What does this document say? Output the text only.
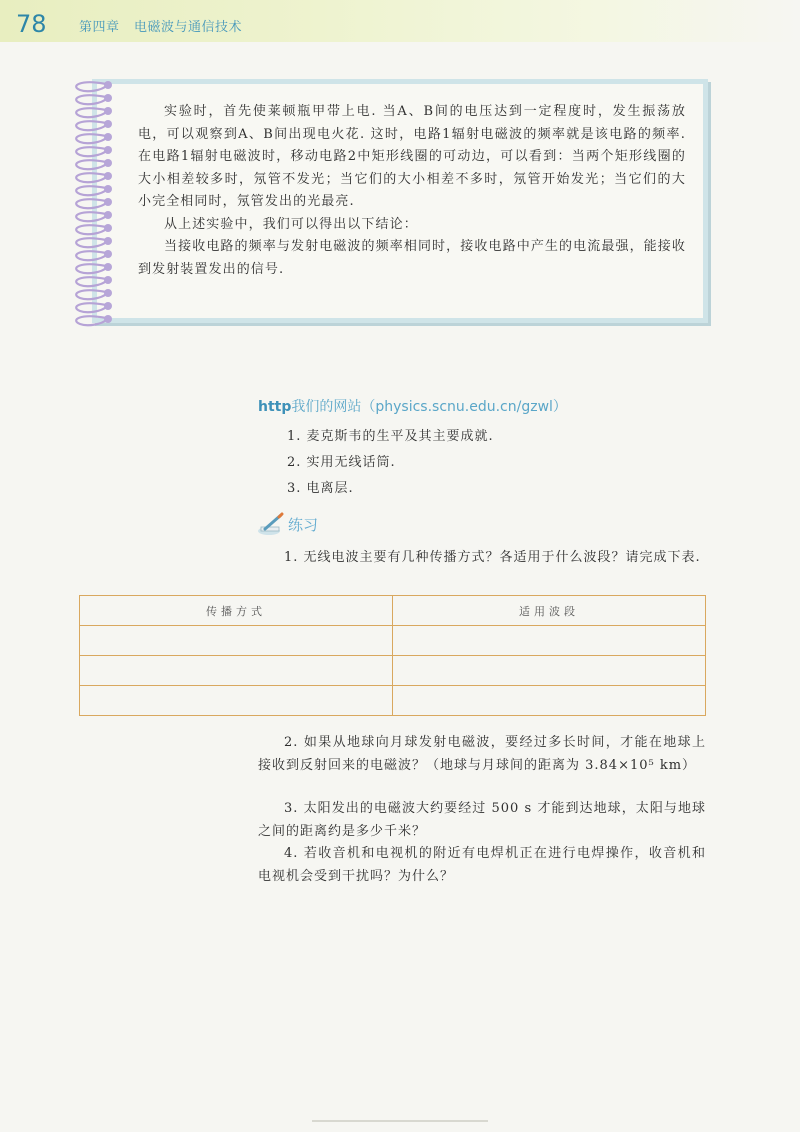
78 第四章 电磁波与通信技术

实验时，首先使莱顿瓶甲带上电. 当A、B间的电压达到一定程度时，发生振荡放电，可以观察到A、B间出现电火花. 这时，电路1辐射电磁波的频率就是该电路的频率. 在电路1辐射电磁波时，移动电路2中矩形线圈的可动边，可以看到：当两个矩形线圈的大小相差较多时，氖管不发光；当它们的大小相差不多时，氖管开始发光；当它们的大小完全相同时，氖管发出的光最亮.

从上述实验中，我们可以得出以下结论：

当接收电路的频率与发射电磁波的频率相同时，接收电路中产生的电流最强，能接收到发射装置发出的信号.

http我们的网站（physics.scnu.edu.cn/gzwl）
1. 麦克斯韦的生平及其主要成就.
2. 实用无线话筒.
3. 电离层.
练习

1. 无线电波主要有几种传播方式？各适用于什么波段？请完成下表.

传播方式	适用波段

2. 如果从地球向月球发射电磁波，要经过多长时间，才能在地球上接收到反射回来的电磁波？（地球与月球间的距离为 3.84×10⁵ km）

3. 太阳发出的电磁波大约要经过 500 s 才能到达地球，太阳与地球之间的距离约是多少千米？

4. 若收音机和电视机的附近有电焊机正在进行电焊操作，收音机和电视机会受到干扰吗？为什么？
